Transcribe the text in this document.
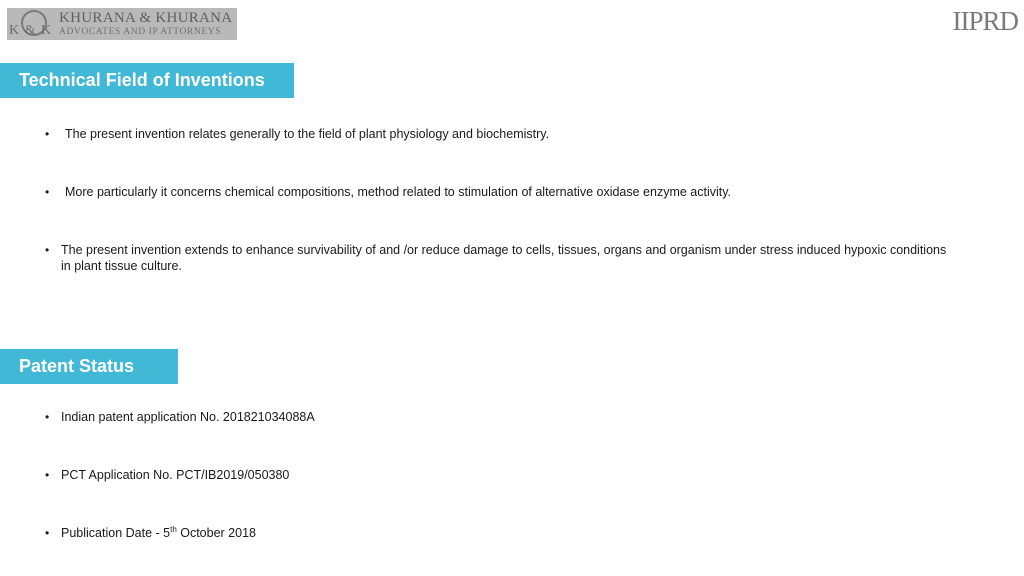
K & K
KHURANA & KHURANA
ADVOCATES AND IP ATTORNEYS	IIPRD
Technical Field of Inventions
• The present invention relates generally to the field of plant physiology and biochemistry.
• More particularly it concerns chemical compositions, method related to stimulation of alternative oxidase enzyme activity.
• The present invention extends to enhance survivability of and /or reduce damage to cells, tissues, organs and organism under stress induced hypoxic conditions in plant tissue culture.
Patent Status
• Indian patent application No. 201821034088A
• PCT Application No. PCT/IB2019/050380
• Publication Date - 5th October 2018
